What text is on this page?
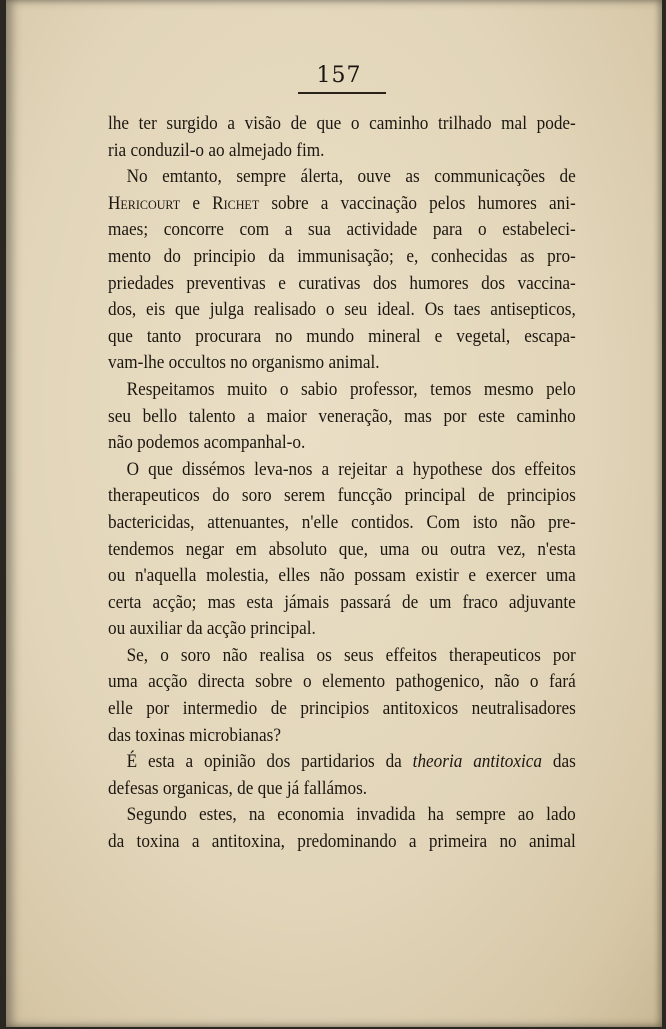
157
lhe ter surgido a visão de que o caminho trilhado mal pode-
ria conduzil-o ao almejado fim.
No emtanto, sempre álerta, ouve as communicações de
Hericourt e Richet sobre a vaccinação pelos humores ani-
maes; concorre com a sua actividade para o estabeleci-
mento do principio da immunisação; e, conhecidas as pro-
priedades preventivas e curativas dos humores dos vaccina-
dos, eis que julga realisado o seu ideal. Os taes antisepticos,
que tanto procurara no mundo mineral e vegetal, escapa-
vam-lhe occultos no organismo animal.
Respeitamos muito o sabio professor, temos mesmo pelo
seu bello talento a maior veneração, mas por este caminho
não podemos acompanhal-o.
O que dissémos leva-nos a rejeitar a hypothese dos effeitos
therapeuticos do soro serem funcção principal de principios
bactericidas, attenuantes, n'elle contidos. Com isto não pre-
tendemos negar em absoluto que, uma ou outra vez, n'esta
ou n'aquella molestia, elles não possam existir e exercer uma
certa acção; mas esta jámais passará de um fraco adjuvante
ou auxiliar da acção principal.
Se, o soro não realisa os seus effeitos therapeuticos por
uma acção directa sobre o elemento pathogenico, não o fará
elle por intermedio de principios antitoxicos neutralisadores
das toxinas microbianas?
É esta a opinião dos partidarios da theoria antitoxica das
defesas organicas, de que já fallámos.
Segundo estes, na economia invadida ha sempre ao lado
da toxina a antitoxina, predominando a primeira no animal
